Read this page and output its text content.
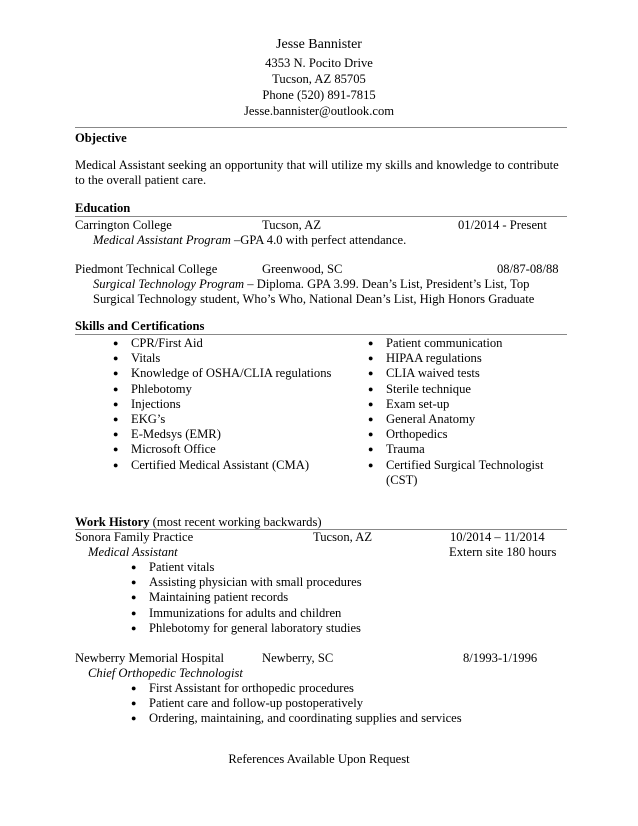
Jesse Bannister
4353 N. Pocito Drive
Tucson, AZ 85705
Phone (520) 891-7815
Jesse.bannister@outlook.com
Objective
Medical Assistant seeking an opportunity that will utilize my skills and knowledge to contribute
to the overall patient care.
Education
Carrington College	Tucson, AZ	01/2014 - Present
Medical Assistant Program –GPA 4.0 with perfect attendance.
Piedmont Technical College	Greenwood, SC	08/87-08/88
Surgical Technology Program – Diploma. GPA 3.99. Dean’s List, President’s List, Top
Surgical Technology student, Who’s Who, National Dean’s List, High Honors Graduate
Skills and Certifications
● CPR/First Aid
● Vitals
● Knowledge of OSHA/CLIA regulations
● Phlebotomy
● Injections
● EKG’s
● E-Medsys (EMR)
● Microsoft Office
● Certified Medical Assistant (CMA)
● Patient communication
● HIPAA regulations
● CLIA waived tests
● Sterile technique
● Exam set-up
● General Anatomy
● Orthopedics
● Trauma
● Certified Surgical Technologist
(CST)
Work History (most recent working backwards)
Sonora Family Practice	Tucson, AZ	10/2014 – 11/2014
Medical Assistant	Extern site 180 hours
● Patient vitals
● Assisting physician with small procedures
● Maintaining patient records
● Immunizations for adults and children
● Phlebotomy for general laboratory studies
Newberry Memorial Hospital	Newberry, SC	8/1993-1/1996
Chief Orthopedic Technologist
● First Assistant for orthopedic procedures
● Patient care and follow-up postoperatively
● Ordering, maintaining, and coordinating supplies and services
References Available Upon Request
